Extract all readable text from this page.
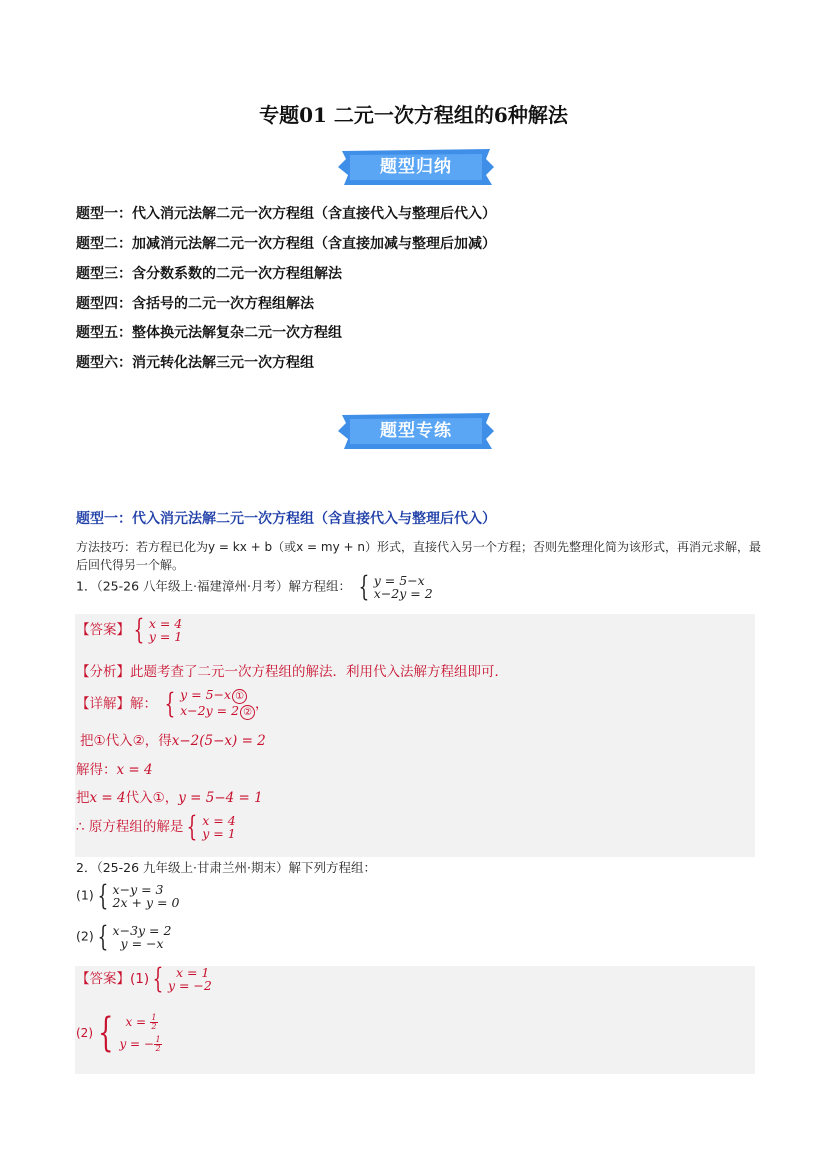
专题01 二元一次方程组的6种解法
题型归纳
题型一：代入消元法解二元一次方程组（含直接代入与整理后代入）
题型二：加减消元法解二元一次方程组（含直接加减与整理后加减）
题型三：含分数系数的二元一次方程组解法
题型四：含括号的二元一次方程组解法
题型五：整体换元法解复杂二元一次方程组
题型六：消元转化法解三元一次方程组
题型专练
题型一：代入消元法解二元一次方程组（含直接代入与整理后代入）
方法技巧：若方程已化为y = kx + b（或x = my + n）形式，直接代入另一个方程；否则先整理化简为该形式，再消元求解，最后回代得另一个解。
1．（25-26 八年级上·福建漳州·月考）解方程组： { y = 5−x
x−2y = 2
【答案】 { x = 4
y = 1
【分析】此题考查了二元一次方程组的解法．利用代入法解方程组即可．
【详解】解： { y = 5−x ①
x−2y = 2 ②
，
把①代入②，得x−2(5−x) = 2
解得：x = 4
把x = 4代入①，y = 5−4 = 1
∴ 原方程组的解是 { x = 4
y = 1
2．（25-26 九年级上·甘肃兰州·期末）解下列方程组：
(1) { x−y = 3
2x + y = 0
(2) { x−3y = 2
y = −x
【答案】(1) {	x = 1
y = −2
(2) {	$x = \frac{1}{2}$
y = − $\frac{1}{2}$
